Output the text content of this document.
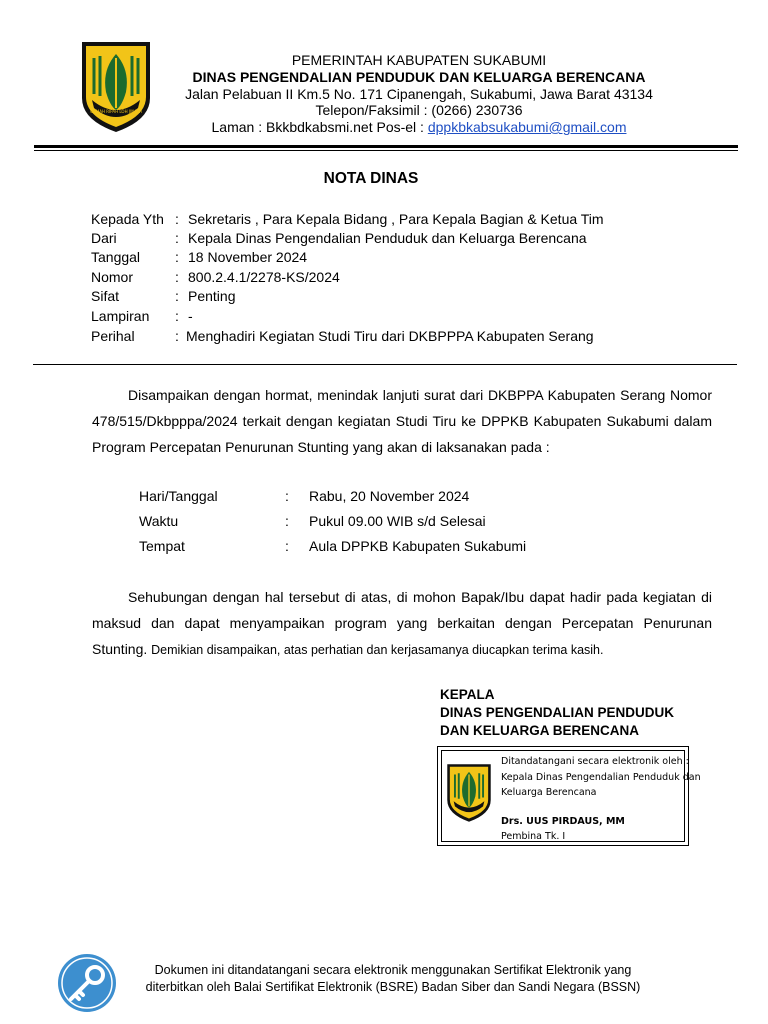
GEMAH RIPAH LOH JINAWI
PEMERINTAH KABUPATEN SUKABUMI
DINAS PENGENDALIAN PENDUDUK DAN KELUARGA BERENCANA
Jalan Pelabuan II Km.5 No. 171 Cipanengah, Sukabumi, Jawa Barat 43134
Telepon/Faksimil : (0266) 230736
Laman : Bkkbdkabsmi.net Pos-el : dppkbkabsukabumi@gmail.com
NOTA DINAS
Kepada Yth : Sekretaris , Para Kepala Bidang , Para Kepala Bagian & Ketua Tim
Dari	: Kepala Dinas Pengendalian Penduduk dan Keluarga Berencana
Tanggal : 18 November 2024
Nomor	: 800.2.4.1/2278-KS/2024
Sifat	: Penting
Lampiran : -
Perihal	: Menghadiri Kegiatan Studi Tiru dari DKBPPPA Kabupaten Serang
Disampaikan dengan hormat, menindak lanjuti surat dari DKBPPA Kabupaten Serang Nomor 478/515/Dkbpppa/2024 terkait dengan kegiatan Studi Tiru ke DPPKB Kabupaten Sukabumi dalam Program Percepatan Penurunan Stunting yang akan di laksanakan pada :
Hari/Tanggal	: Rabu, 20 November 2024
Waktu	: Pukul 09.00 WIB s/d Selesai
Tempat	: Aula DPPKB Kabupaten Sukabumi
Sehubungan dengan hal tersebut di atas, di mohon Bapak/Ibu dapat hadir pada kegiatan di maksud dan dapat menyampaikan program yang berkaitan dengan Percepatan Penurunan Stunting. Demikian disampaikan, atas perhatian dan kerjasamanya diucapkan terima kasih.
KEPALA
DINAS PENGENDALIAN PENDUDUK
DAN KELUARGA BERENCANA
Ditandatangani secara elektronik oleh :
Kepala Dinas Pengendalian Penduduk dan
Keluarga Berencana
Drs. UUS PIRDAUS, MM
Pembina Tk. I
Dokumen ini ditandatangani secara elektronik menggunakan Sertifikat Elektronik yang
diterbitkan oleh Balai Sertifikat Elektronik (BSRE) Badan Siber dan Sandi Negara (BSSN)
